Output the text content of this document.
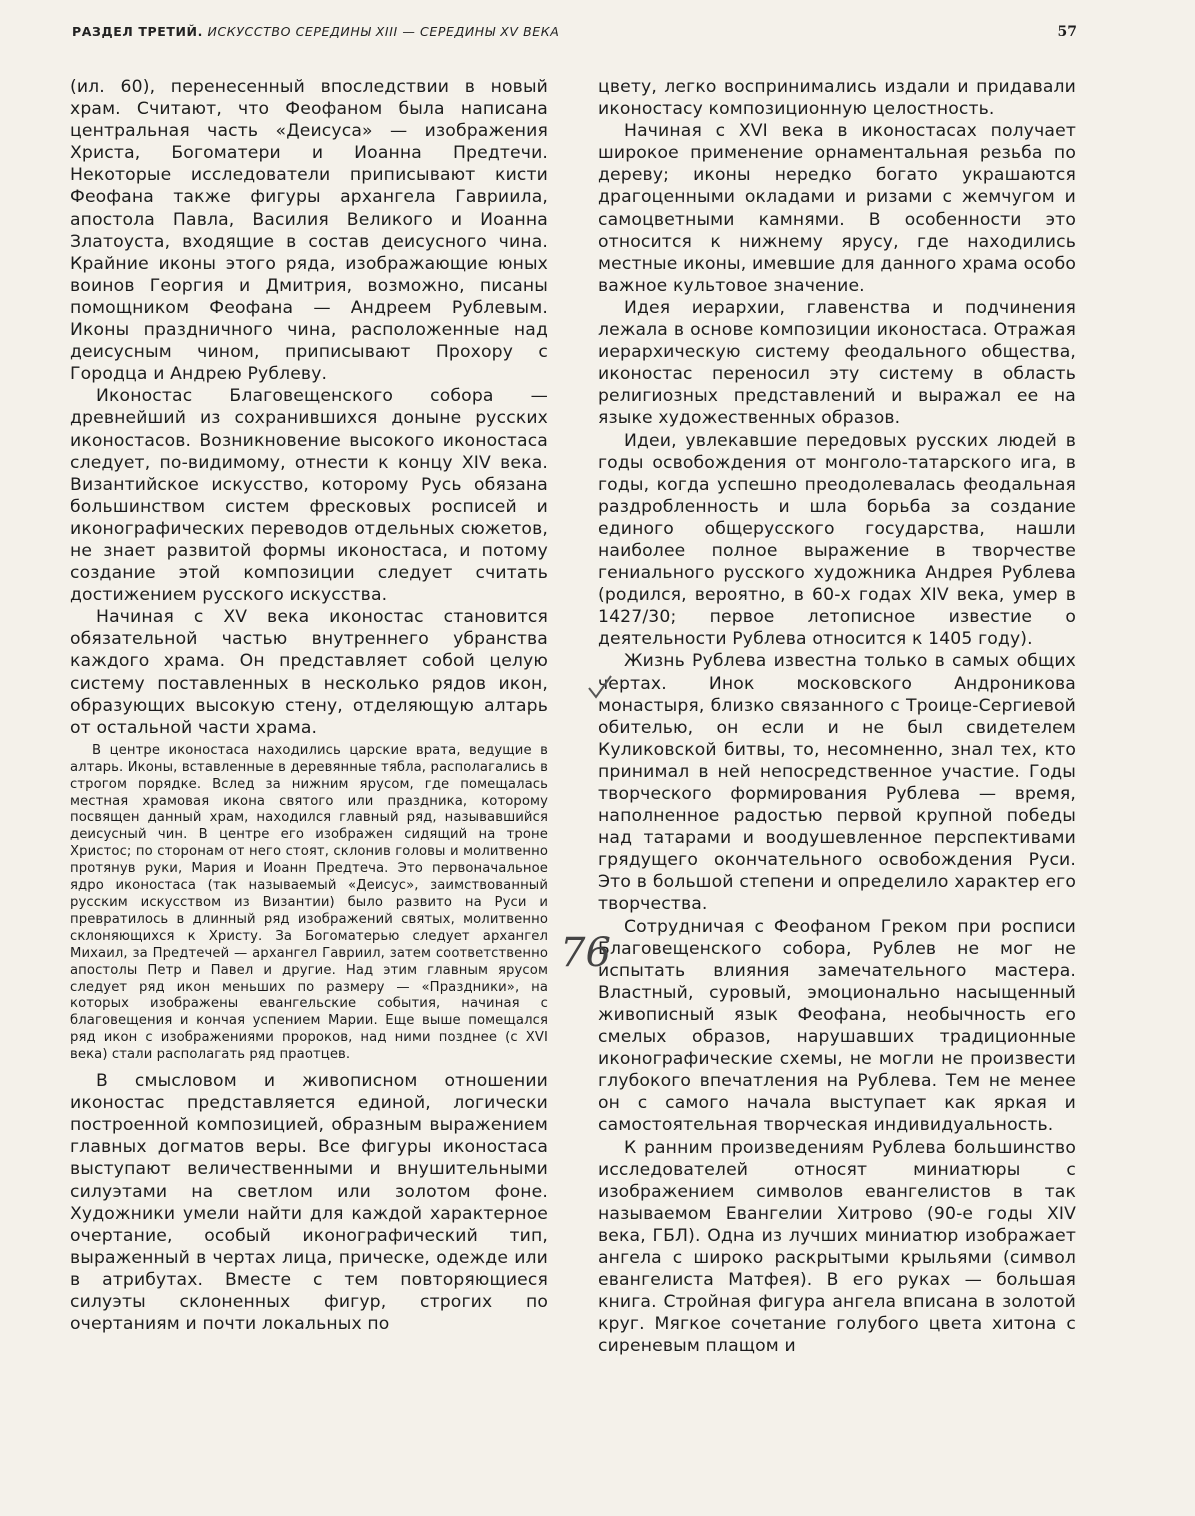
РАЗДЕЛ ТРЕТИЙ. ИСКУССТВО СЕРЕДИНЫ XIII — СЕРЕДИНЫ XV ВЕКА	57

(ил. 60), перенесенный впоследствии в новый храм. Считают, что Феофаном была написана центральная часть «Деисуса» — изображения Христа, Богоматери и Иоанна Предтечи. Некоторые исследователи приписывают кисти Феофана также фигуры архангела Гавриила, апостола Павла, Василия Великого и Иоанна Златоуста, входящие в состав деисусного чина. Крайние иконы этого ряда, изображающие юных воинов Георгия и Дмитрия, возможно, писаны помощником Феофана — Андреем Рублевым. Иконы праздничного чина, расположенные над деисусным чином, приписывают Прохору с Городца и Андрею Рублеву.

Иконостас Благовещенского собора — древнейший из сохранившихся доныне русских иконостасов. Возникновение высокого иконостаса следует, по-видимому, отнести к концу XIV века. Византийское искусство, которому Русь обязана большинством систем фресковых росписей и иконографических переводов отдельных сюжетов, не знает развитой формы иконостаса, и потому создание этой композиции следует считать достижением русского искусства.

Начиная с XV века иконостас становится обязательной частью внутреннего убранства каждого храма. Он представляет собой целую систему поставленных в несколько рядов икон, образующих высокую стену, отделяющую алтарь от остальной части храма.

В центре иконостаса находились царские врата, ведущие в алтарь. Иконы, вставленные в деревянные тябла, располагались в строгом порядке. Вслед за нижним ярусом, где помещалась местная храмовая икона святого или праздника, которому посвящен данный храм, находился главный ряд, называвшийся деисусный чин. В центре его изображен сидящий на троне Христос; по сторонам от него стоят, склонив головы и молитвенно протянув руки, Мария и Иоанн Предтеча. Это первоначальное ядро иконостаса (так называемый «Деисус», заимствованный русским искусством из Византии) было развито на Руси и превратилось в длинный ряд изображений святых, молитвенно склоняющихся к Христу. За Богоматерью следует архангел Михаил, за Предтечей — архангел Гавриил, затем соответственно апостолы Петр и Павел и другие. Над этим главным ярусом следует ряд икон меньших по размеру — «Праздники», на которых изображены евангельские события, начиная с благовещения и кончая успением Марии. Еще выше помещался ряд икон с изображениями пророков, над ними позднее (с XVI века) стали располагать ряд праотцев.

В смысловом и живописном отношении иконостас представляется единой, логически построенной композицией, образным выражением главных догматов веры. Все фигуры иконостаса выступают величественными и внушительными силуэтами на светлом или золотом фоне. Художники умели найти для каждой характерное очертание, особый иконографический тип, выраженный в чертах лица, прическе, одежде или в атрибутах. Вместе с тем повторяющиеся силуэты склоненных фигур, строгих по очертаниям и почти локальных по

цвету, легко воспринимались издали и придавали иконостасу композиционную целостность.

Начиная с XVI века в иконостасах получает широкое применение орнаментальная резьба по дереву; иконы нередко богато украшаются драгоценными окладами и ризами с жемчугом и самоцветными камнями. В особенности это относится к нижнему ярусу, где находились местные иконы, имевшие для данного храма особо важное культовое значение.

Идея иерархии, главенства и подчинения лежала в основе композиции иконостаса. Отражая иерархическую систему феодального общества, иконостас переносил эту систему в область религиозных представлений и выражал ее на языке художественных образов.

Идеи, увлекавшие передовых русских людей в годы освобождения от монголо-татарского ига, в годы, когда успешно преодолевалась феодальная раздробленность и шла борьба за создание единого общерусского государства, нашли наиболее полное выражение в творчестве гениального русского художника Андрея Рублева (родился, вероятно, в 60-х годах XIV века, умер в 1427/30; первое летописное известие о деятельности Рублева относится к 1405 году).

Жизнь Рублева известна только в самых общих чертах. Инок московского Андроникова монастыря, близко связанного с Троице-Сергиевой обителью, он если и не был свидетелем Куликовской битвы, то, несомненно, знал тех, кто принимал в ней непосредственное участие. Годы творческого формирования Рублева — время, наполненное радостью первой крупной победы над татарами и воодушевленное перспективами грядущего окончательного освобождения Руси. Это в большой степени и определило характер его творчества.

Сотрудничая с Феофаном Греком при росписи Благовещенского собора, Рублев не мог не испытать влияния замечательного мастера. Властный, суровый, эмоционально насыщенный живописный язык Феофана, необычность его смелых образов, нарушавших традиционные иконографические схемы, не могли не произвести глубокого впечатления на Рублева. Тем не менее он с самого начала выступает как яркая и самостоятельная творческая индивидуальность.

К ранним произведениям Рублева большинство исследователей относят миниатюры с изображением символов евангелистов в так называемом Евангелии Хитрово (90-е годы XIV века, ГБЛ). Одна из лучших миниатюр изображает ангела с широко раскрытыми крыльями (символ евангелиста Матфея). В его руках — большая книга. Стройная фигура ангела вписана в золотой круг. Мягкое сочетание голубого цвета хитона с сиреневым плащом и

76
